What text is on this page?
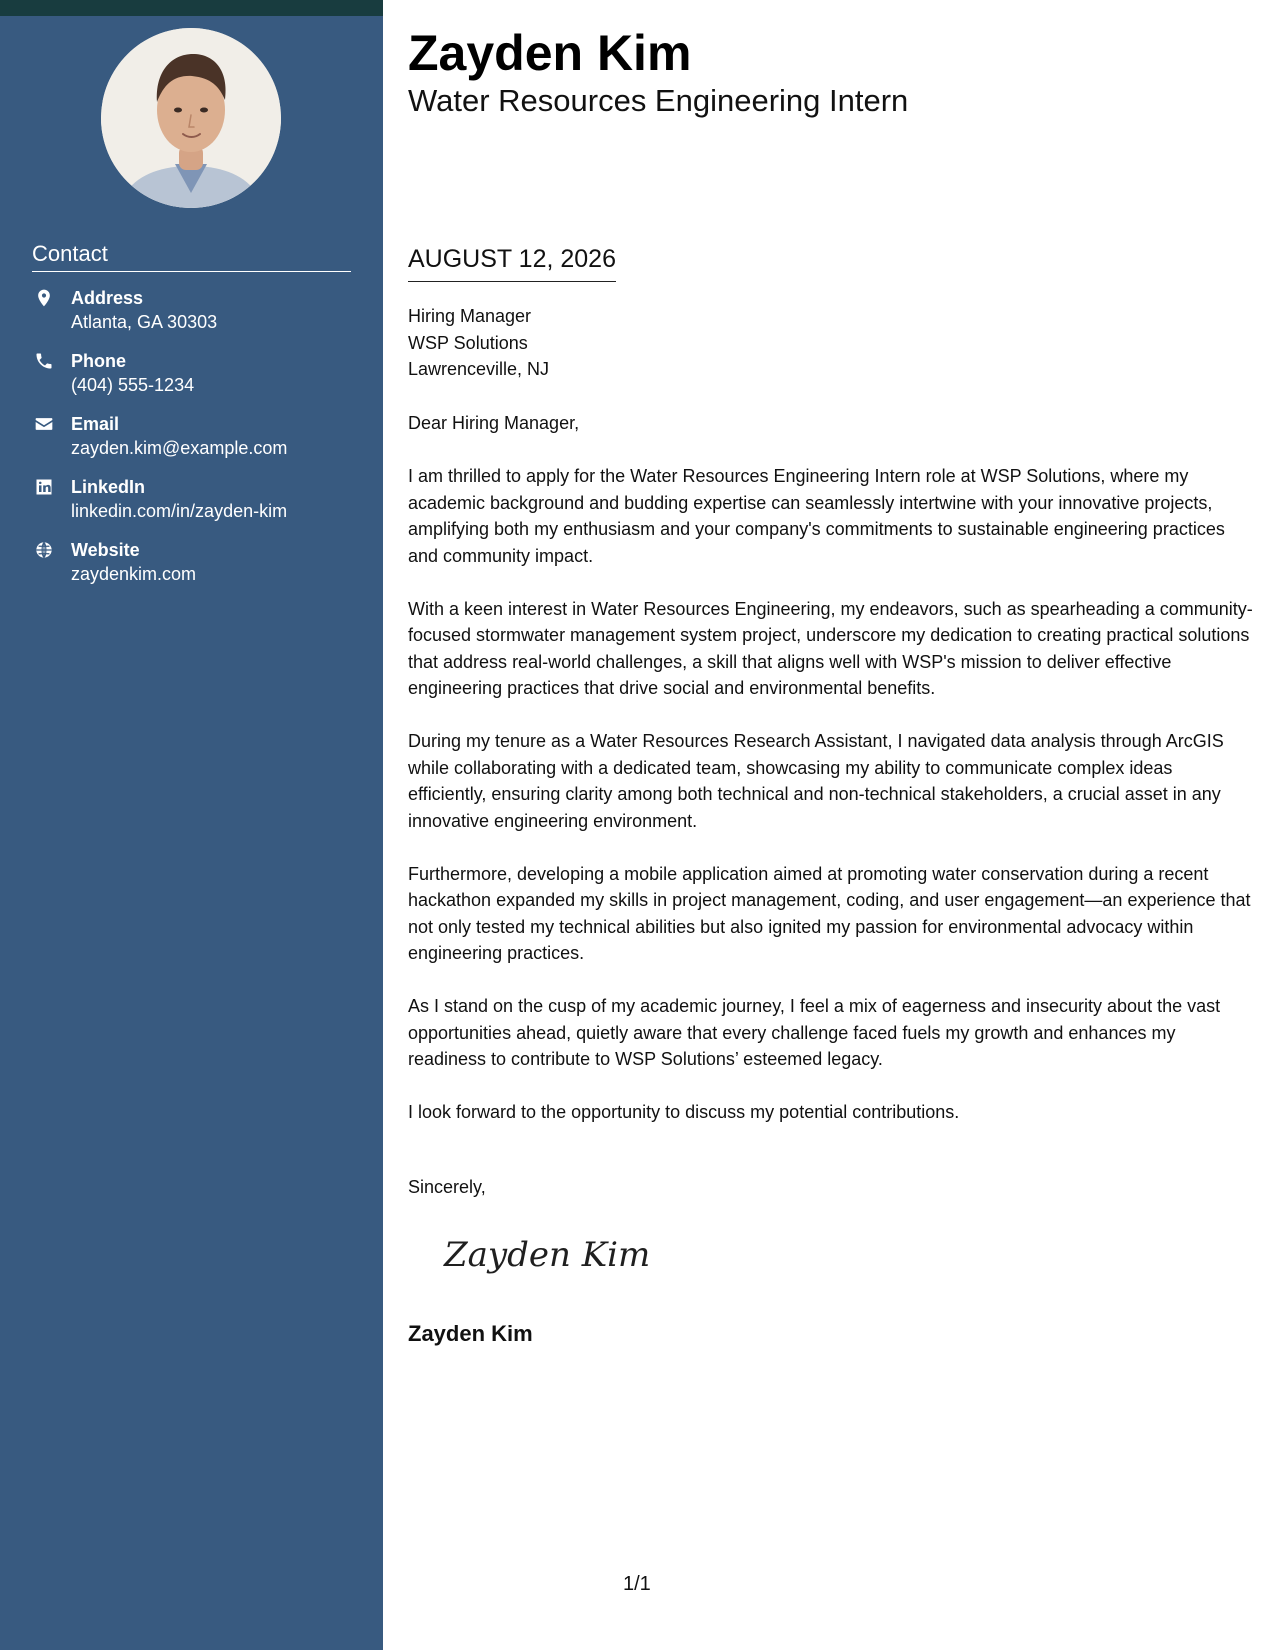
Contact
Address
Atlanta, GA 30303
Phone
(404) 555-1234
Email
zayden.kim@example.com
LinkedIn
linkedin.com/in/zayden-kim
Website
zaydenkim.com
Zayden Kim
Water Resources Engineering Intern
AUGUST 12, 2026
Hiring Manager
WSP Solutions
Lawrenceville, NJ

Dear Hiring Manager,

I am thrilled to apply for the Water Resources Engineering Intern role at WSP Solutions, where my academic background and budding expertise can seamlessly intertwine with your innovative projects, amplifying both my enthusiasm and your company's commitments to sustainable engineering practices and community impact.

With a keen interest in Water Resources Engineering, my endeavors, such as spearheading a community-focused stormwater management system project, underscore my dedication to creating practical solutions that address real-world challenges, a skill that aligns well with WSP's mission to deliver effective engineering practices that drive social and environmental benefits.

During my tenure as a Water Resources Research Assistant, I navigated data analysis through ArcGIS while collaborating with a dedicated team, showcasing my ability to communicate complex ideas efficiently, ensuring clarity among both technical and non-technical stakeholders, a crucial asset in any innovative engineering environment.

Furthermore, developing a mobile application aimed at promoting water conservation during a recent hackathon expanded my skills in project management, coding, and user engagement—an experience that not only tested my technical abilities but also ignited my passion for environmental advocacy within engineering practices.

As I stand on the cusp of my academic journey, I feel a mix of eagerness and insecurity about the vast opportunities ahead, quietly aware that every challenge faced fuels my growth and enhances my readiness to contribute to WSP Solutions’ esteemed legacy.

I look forward to the opportunity to discuss my potential contributions.

Sincerely,
Zayden Kim
Zayden Kim
1/1
